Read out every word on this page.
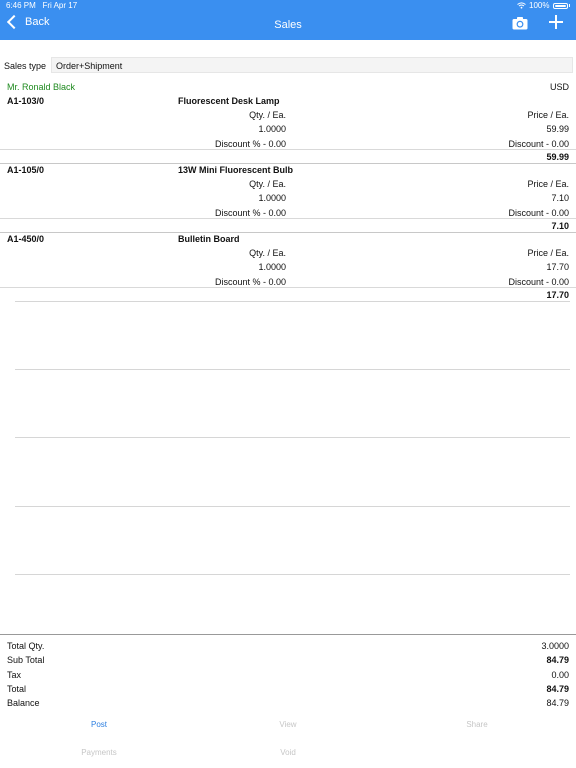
6:46 PM Fri Apr 17	100%
Back	Sales
Sales type Order+Shipment
Mr. Ronald Black	USD
A1-103/0	Fluorescent Desk Lamp
Qty. / Ea.	Price / Ea.
1.0000	59.99
Discount % - 0.00	Discount - 0.00
59.99
A1-105/0	13W Mini Fluorescent Bulb
Qty. / Ea.	Price / Ea.
1.0000	7.10
Discount % - 0.00	Discount - 0.00
7.10
A1-450/0	Bulletin Board
Qty. / Ea.	Price / Ea.
1.0000	17.70
Discount % - 0.00	Discount - 0.00
17.70
Total Qty.	3.0000
Sub Total	84.79
Tax	0.00
Total	84.79
Balance	84.79
Post	View	Share
Payments	Void
